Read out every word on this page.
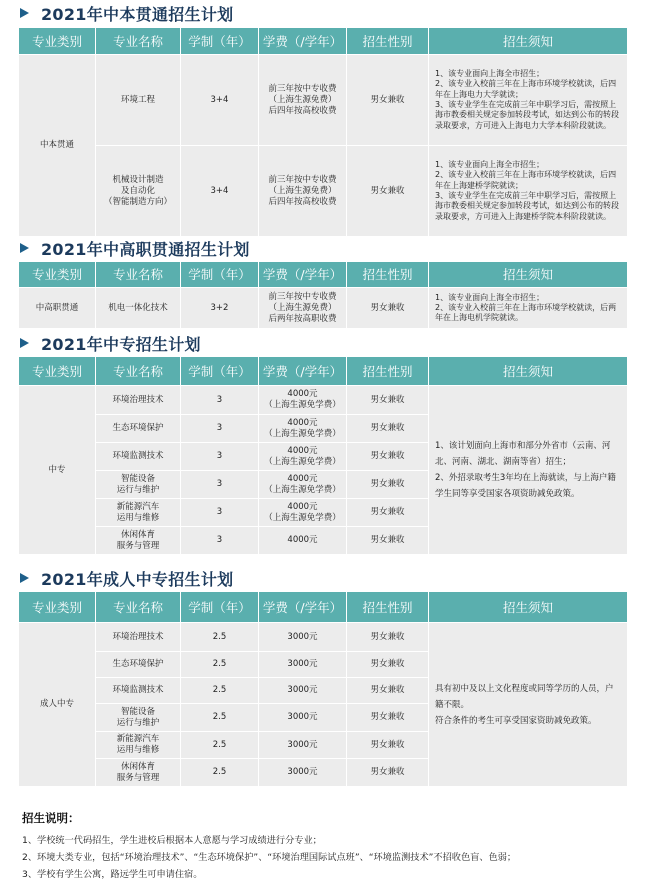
2021年中本贯通招生计划
专业类别	专业名称	学制（年）	学费（/学年）	招生性别	招生须知
中本贯通	环境工程	3+4	前三年按中专收费
（上海生源免费）
后四年按高校收费	男女兼收	1、该专业面向上海全市招生；
2、该专业入校前三年在上海市环境学校就读，后四年在上海电力大学就读；
3、该专业学生在完成前三年中职学习后，需按照上海市教委相关规定参加转段考试，如达到公布的转段录取要求，方可进入上海电力大学本科阶段就读。
	机械设计制造
及自动化
（智能制造方向）	3+4	前三年按中专收费
（上海生源免费）
后四年按高校收费	男女兼收	1、该专业面向上海全市招生；
2、该专业入校前三年在上海市环境学校就读，后四年在上海建桥学院就读；
3、该专业学生在完成前三年中职学习后，需按照上海市教委相关规定参加转段考试，如达到公布的转段录取要求，方可进入上海建桥学院本科阶段就读。
2021年中高职贯通招生计划
专业类别	专业名称	学制（年）	学费（/学年）	招生性别	招生须知
中高职贯通	机电一体化技术	3+2	前三年按中专收费
（上海生源免费）
后两年按高职收费	男女兼收	1、该专业面向上海全市招生；
2、该专业入校前三年在上海市环境学校就读，后两年在上海电机学院就读。
2021年中专招生计划
专业类别	专业名称	学制（年）	学费（/学年）	招生性别	招生须知
中专	环境治理技术	3	4000元
（上海生源免学费）	男女兼收	1、该计划面向上海市和部分外省市（云南、河北、河南、湖北、湖南等省）招生；
2、外招录取考生3年均在上海就读，与上海户籍学生同等享受国家各项资助减免政策。
	生态环境保护	3	4000元
（上海生源免学费）	男女兼收	
	环境监测技术	3	4000元
（上海生源免学费）	男女兼收	
	智能设备
运行与维护	3	4000元
（上海生源免学费）	男女兼收	
	新能源汽车
运用与维修	3	4000元
（上海生源免学费）	男女兼收	
	休闲体育
服务与管理	3	4000元	男女兼收	
2021年成人中专招生计划
专业类别	专业名称	学制（年）	学费（/学年）	招生性别	招生须知
成人中专	环境治理技术	2.5	3000元	男女兼收	具有初中及以上文化程度或同等学历的人员，户籍不限。
符合条件的考生可享受国家资助减免政策。
	生态环境保护	2.5	3000元	男女兼收	
	环境监测技术	2.5	3000元	男女兼收	
	智能设备
运行与维护	2.5	3000元	男女兼收	
	新能源汽车
运用与维修	2.5	3000元	男女兼收	
	休闲体育
服务与管理	2.5	3000元	男女兼收	
招生说明：
1、学校统一代码招生，学生进校后根据本人意愿与学习成绩进行分专业；
2、环境大类专业，包括“环境治理技术”、“生态环境保护”、“环境治理国际试点班”、“环境监测技术”不招收色盲、色弱；
3、学校有学生公寓，路远学生可申请住宿。
